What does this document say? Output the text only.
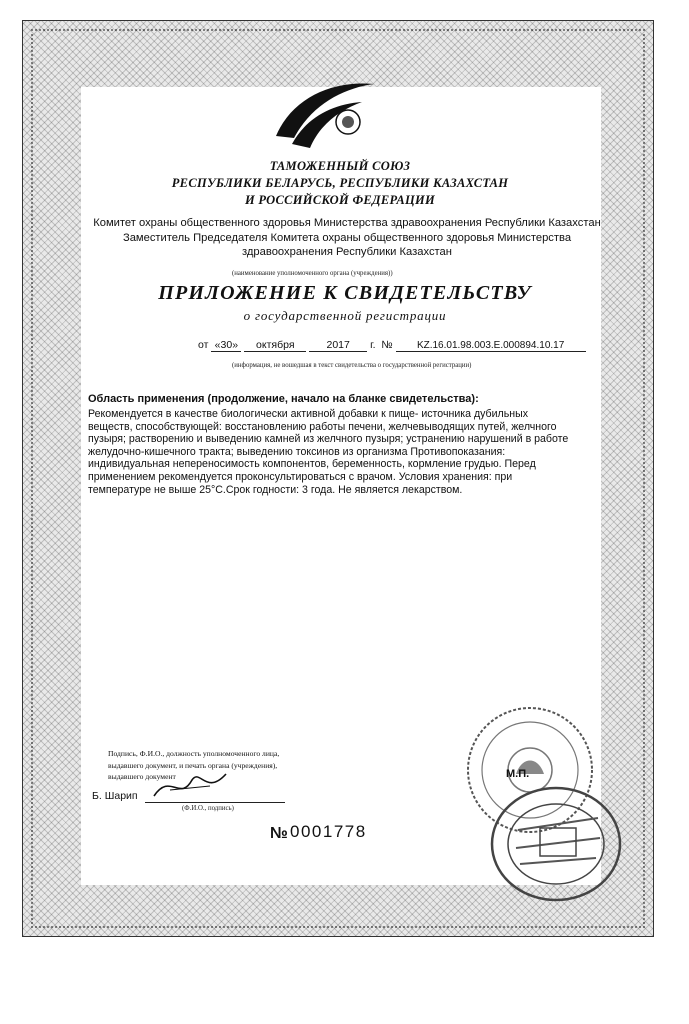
ТАМОЖЕННЫЙ СОЮЗ
РЕСПУБЛИКИ БЕЛАРУСЬ, РЕСПУБЛИКИ КАЗАХСТАН
И РОССИЙСКОЙ ФЕДЕРАЦИИ
Комитет охраны общественного здоровья Министерства здравоохранения Республики Казахстан
Заместитель Председателя Комитета охраны общественного здоровья Министерства
здравоохранения Республики Казахстан
(наименование уполномоченного органа (учреждения))
ПРИЛОЖЕНИЕ К СВИДЕТЕЛЬСТВУ
о государственной регистрации
от «30» октября	2017 г. № KZ.16.01.98.003.E.000894.10.17
(информация, не вошедшая в текст свидетельства о государственной регистрации)
Область применения (продолжение, начало на бланке свидетельства):
Рекомендуется в качестве биологически активной добавки к пище- источника дубильных
веществ, способствующей: восстановлению работы печени, желчевыводящих путей, желчного
пузыря; растворению и выведению камней из желчного пузыря; устранению нарушений в работе
желудочно-кишечного тракта; выведению токсинов из организма Противопоказания:
индивидуальная непереносимость компонентов, беременность, кормление грудью. Перед
применением рекомендуется проконсультироваться с врачом. Условия хранения: при
температуре не выше 25°С.Срок годности: 3 года. Не является лекарством.
Подпись, Ф.И.О., должность уполномоченного лица,
выдавшего документ, и печать органа (учреждения),
выдавшего документ
Б. Шарип
(Ф.И.О., подпись)
М.П.
№ 0001778
